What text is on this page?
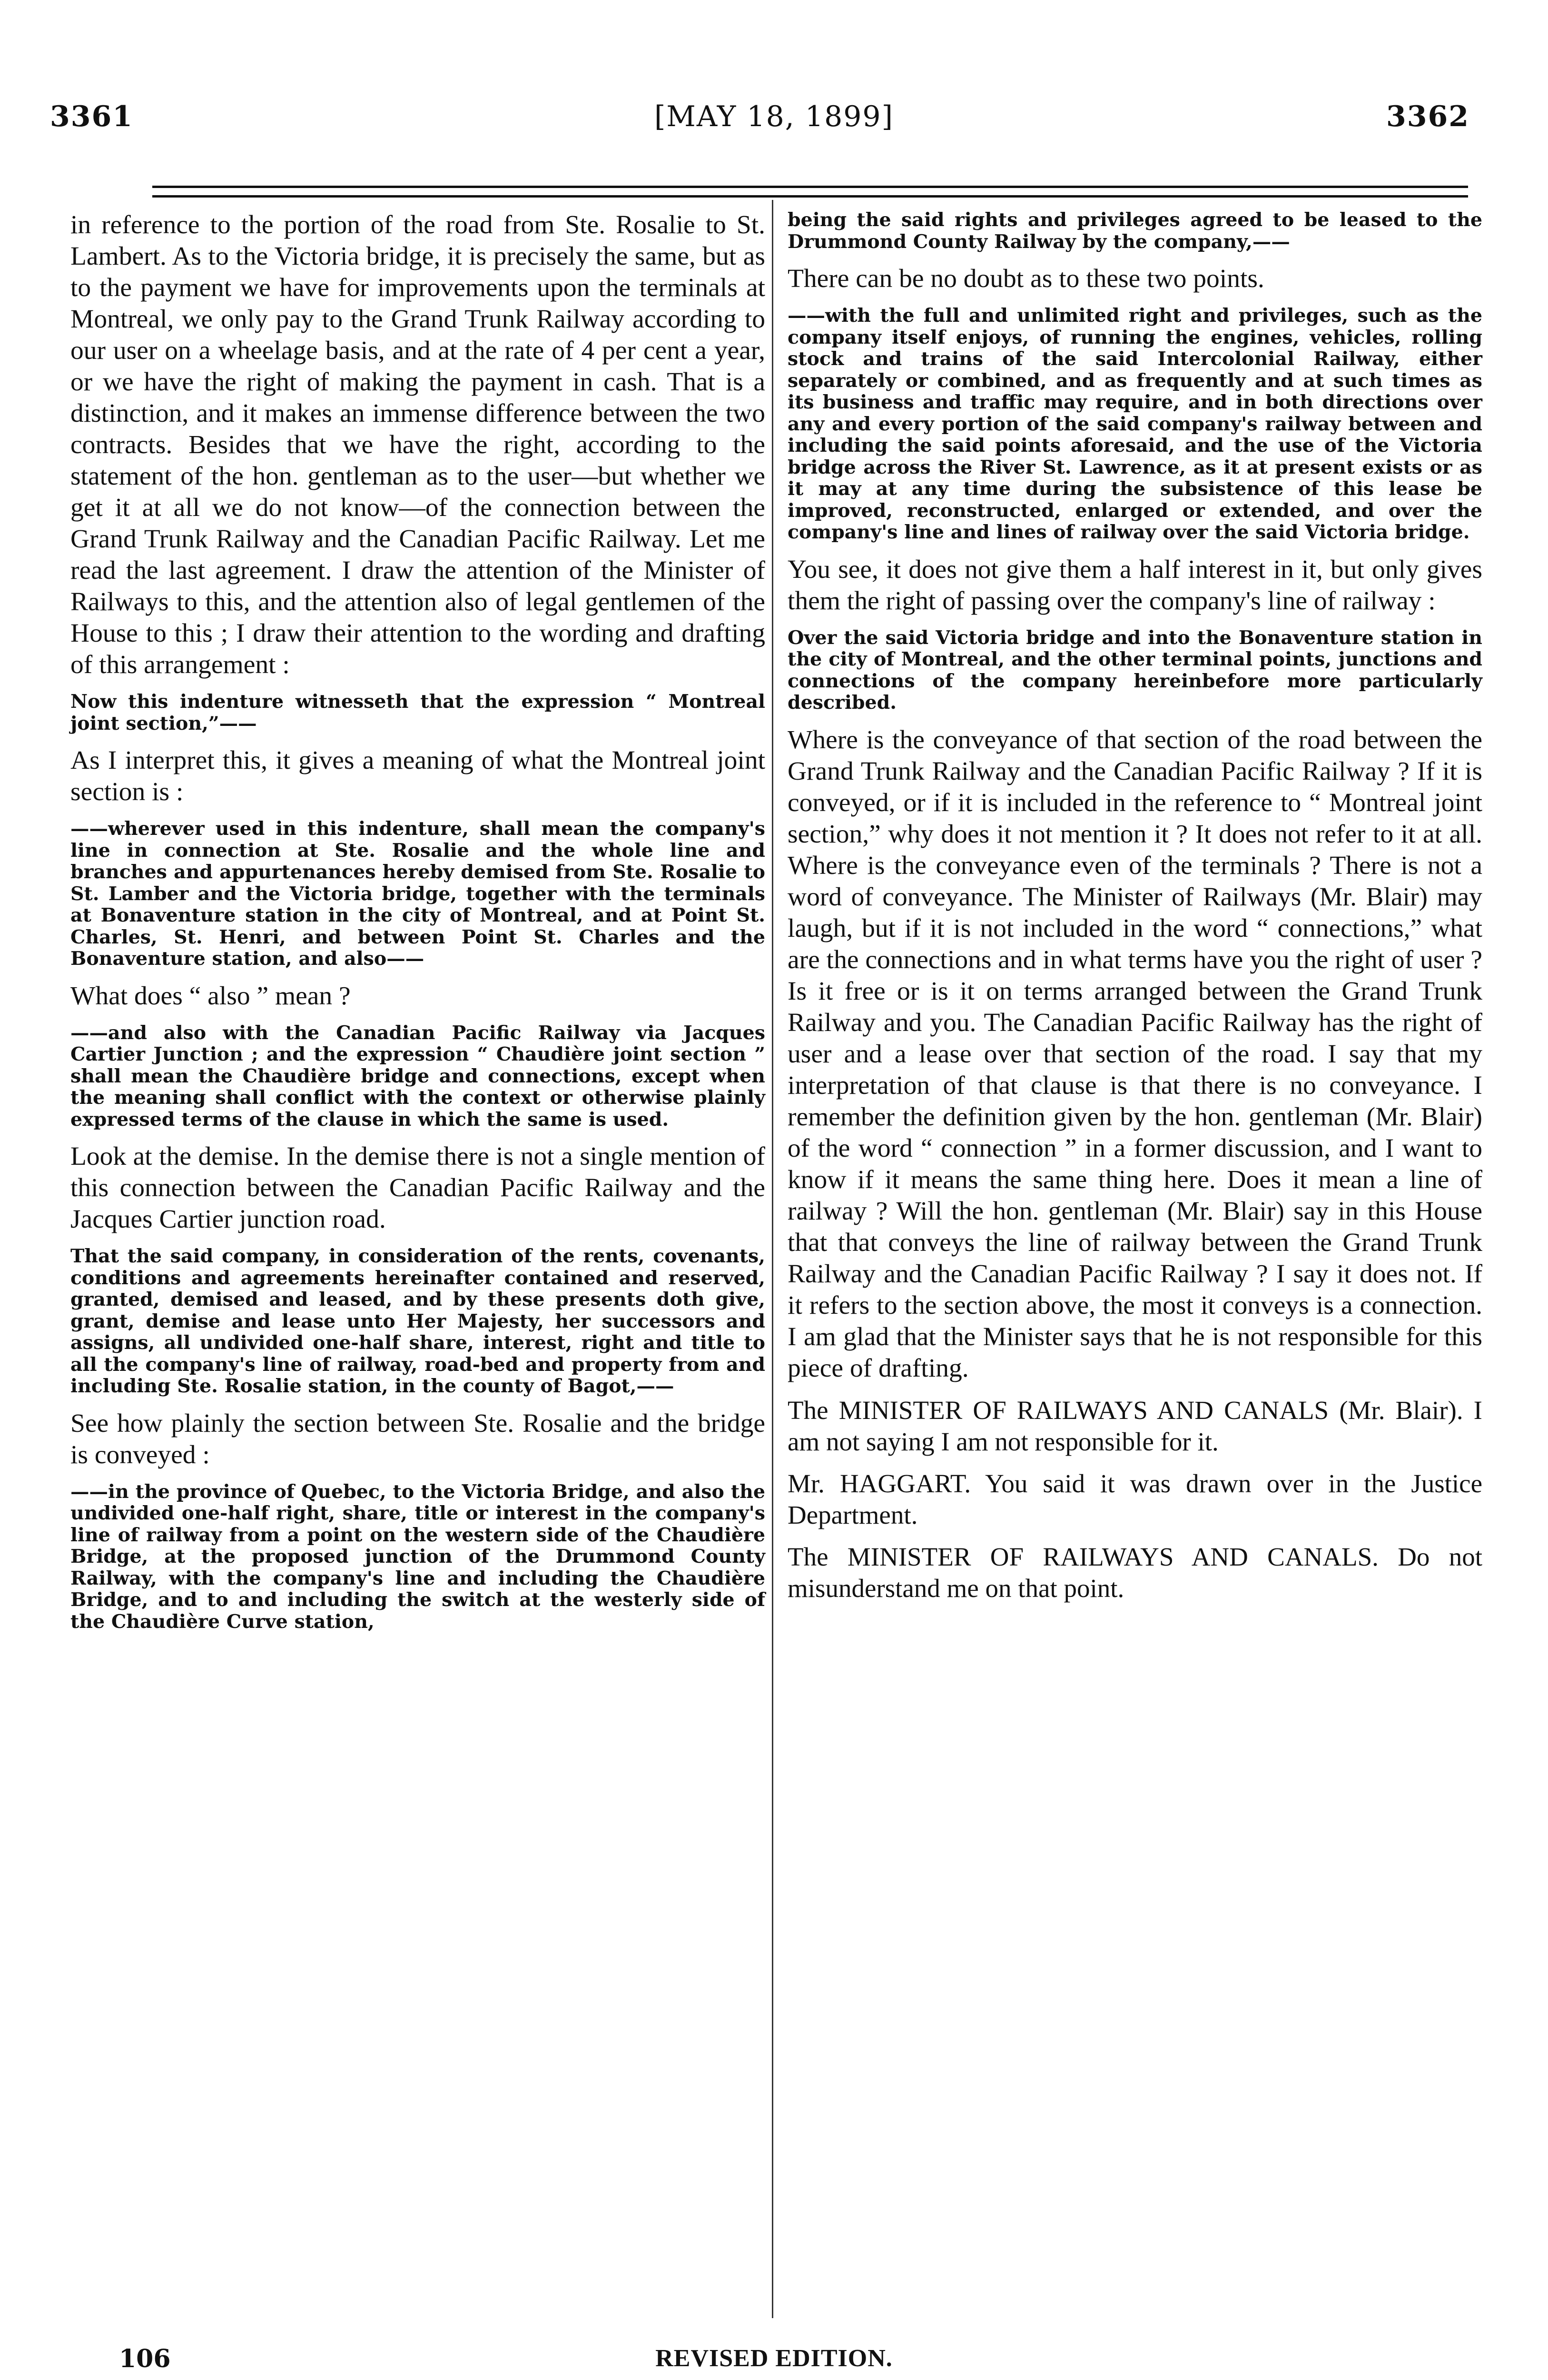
3361	[MAY 18, 1899]	3362

in reference to the portion of the road from Ste. Rosalie to St. Lambert. As to the Victoria bridge, it is precisely the same, but as to the payment we have for improvements upon the terminals at Montreal, we only pay to the Grand Trunk Railway according to our user on a wheelage basis, and at the rate of 4 per cent a year, or we have the right of making the payment in cash. That is a distinction, and it makes an immense difference between the two contracts. Besides that we have the right, according to the statement of the hon. gentleman as to the user—but whether we get it at all we do not know—of the connection between the Grand Trunk Railway and the Canadian Pacific Railway. Let me read the last agreement. I draw the attention of the Minister of Railways to this, and the attention also of legal gentlemen of the House to this ; I draw their attention to the wording and drafting of this arrangement :

Now this indenture witnesseth that the expression “ Montreal joint section,”——

As I interpret this, it gives a meaning of what the Montreal joint section is :

——wherever used in this indenture, shall mean the company's line in connection at Ste. Rosalie and the whole line and branches and appurtenances hereby demised from Ste. Rosalie to St. Lamber and the Victoria bridge, together with the terminals at Bonaventure station in the city of Montreal, and at Point St. Charles, St. Henri, and between Point St. Charles and the Bonaventure station, and also——

What does “ also ” mean ?

——and also with the Canadian Pacific Railway via Jacques Cartier Junction ; and the expression “ Chaudière joint section ” shall mean the Chaudière bridge and connections, except when the meaning shall conflict with the context or otherwise plainly expressed terms of the clause in which the same is used.

Look at the demise. In the demise there is not a single mention of this connection between the Canadian Pacific Railway and the Jacques Cartier junction road.

That the said company, in consideration of the rents, covenants, conditions and agreements hereinafter contained and reserved, granted, demised and leased, and by these presents doth give, grant, demise and lease unto Her Majesty, her successors and assigns, all undivided one-half share, interest, right and title to all the company's line of railway, road-bed and property from and including Ste. Rosalie station, in the county of Bagot,——

See how plainly the section between Ste. Rosalie and the bridge is conveyed :

——in the province of Quebec, to the Victoria Bridge, and also the undivided one-half right, share, title or interest in the company's line of railway from a point on the western side of the Chaudière Bridge, at the proposed junction of the Drummond County Railway, with the company's line and including the Chaudière Bridge, and to and including the switch at the westerly side of the Chaudière Curve station,

being the said rights and privileges agreed to be leased to the Drummond County Railway by the company,——

There can be no doubt as to these two points.

——with the full and unlimited right and privileges, such as the company itself enjoys, of running the engines, vehicles, rolling stock and trains of the said Intercolonial Railway, either separately or combined, and as frequently and at such times as its business and traffic may require, and in both directions over any and every portion of the said company's railway between and including the said points aforesaid, and the use of the Victoria bridge across the River St. Lawrence, as it at present exists or as it may at any time during the subsistence of this lease be improved, reconstructed, enlarged or extended, and over the company's line and lines of railway over the said Victoria bridge.

You see, it does not give them a half interest in it, but only gives them the right of passing over the company's line of railway :

Over the said Victoria bridge and into the Bonaventure station in the city of Montreal, and the other terminal points, junctions and connections of the company hereinbefore more particularly described.

Where is the conveyance of that section of the road between the Grand Trunk Railway and the Canadian Pacific Railway ? If it is conveyed, or if it is included in the reference to “ Montreal joint section,” why does it not mention it ? It does not refer to it at all. Where is the conveyance even of the terminals ? There is not a word of conveyance. The Minister of Railways (Mr. Blair) may laugh, but if it is not included in the word “ connections,” what are the connections and in what terms have you the right of user ? Is it free or is it on terms arranged between the Grand Trunk Railway and you. The Canadian Pacific Railway has the right of user and a lease over that section of the road. I say that my interpretation of that clause is that there is no conveyance. I remember the definition given by the hon. gentleman (Mr. Blair) of the word “ connection ” in a former discussion, and I want to know if it means the same thing here. Does it mean a line of railway ? Will the hon. gentleman (Mr. Blair) say in this House that that conveys the line of railway between the Grand Trunk Railway and the Canadian Pacific Railway ? I say it does not. If it refers to the section above, the most it conveys is a connection. I am glad that the Minister says that he is not responsible for this piece of drafting.

The MINISTER OF RAILWAYS AND CANALS (Mr. Blair). I am not saying I am not responsible for it.

Mr. HAGGART. You said it was drawn over in the Justice Department.

The MINISTER OF RAILWAYS AND CANALS. Do not misunderstand me on that point.

106	REVISED EDITION.
